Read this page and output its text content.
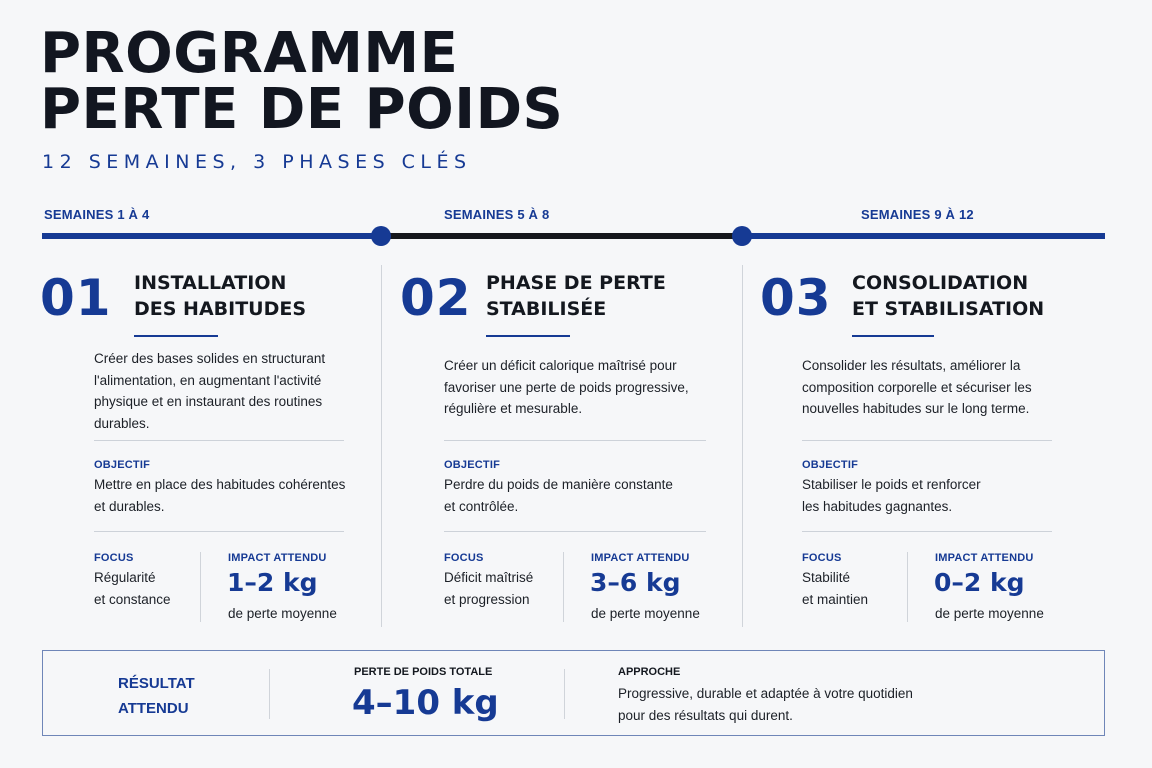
PROGRAMME
PERTE DE POIDS
12 SEMAINES, 3 PHASES CLÉS
SEMAINES 1 À 4	SEMAINES 5 À 8	SEMAINES 9 À 12
01 INSTALLATION
DES HABITUDES
Créer des bases solides en structurant
l'alimentation, en augmentant l'activité
physique et en instaurant des routines
durables.
OBJECTIF
Mettre en place des habitudes cohérentes
et durables.
FOCUS
Régularité
et constance
IMPACT ATTENDU
1–2 kg
de perte moyenne
02 PHASE DE PERTE
STABILISÉE
Créer un déficit calorique maîtrisé pour
favoriser une perte de poids progressive,
régulière et mesurable.
OBJECTIF
Perdre du poids de manière constante
et contrôlée.
FOCUS
Déficit maîtrisé
et progression
IMPACT ATTENDU
3–6 kg
de perte moyenne
03 CONSOLIDATION
ET STABILISATION
Consolider les résultats, améliorer la
composition corporelle et sécuriser les
nouvelles habitudes sur le long terme.
OBJECTIF
Stabiliser le poids et renforcer
les habitudes gagnantes.
FOCUS
Stabilité
et maintien
IMPACT ATTENDU
0–2 kg
de perte moyenne
RÉSULTAT
ATTENDU
PERTE DE POIDS TOTALE
4–10 kg
APPROCHE
Progressive, durable et adaptée à votre quotidien
pour des résultats qui durent.
